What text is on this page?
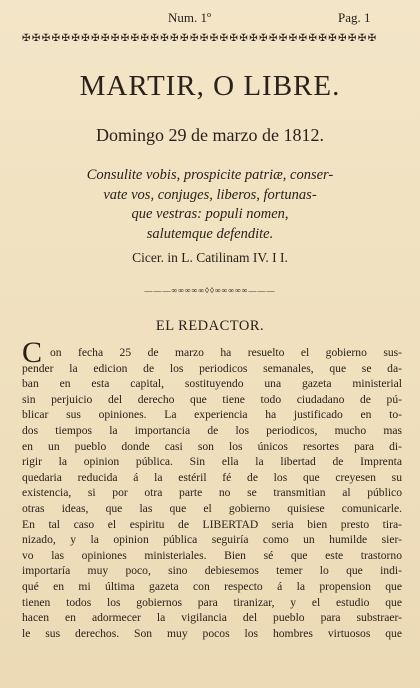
Num. 1º	Pag. 1
✠✠✠✠✠✠✠✠✠✠✠✠✠✠✠✠✠✠✠✠✠✠✠✠✠✠✠✠✠✠✠✠✠✠✠✠
MARTIR, O LIBRE.
Domingo 29 de marzo de 1812.
Consulite vobis, prospicite patriæ, conser-
vate vos, conjuges, liberos, fortunas-
que vestras: populi nomen,
salutemque defendite.
Cicer. in L. Catilinam IV. I I.
———∞∞∞∞∞◊◊∞∞∞∞∞———
EL REDACTOR.
C on fecha 25 de marzo ha resuelto el gobierno sus-
pender la edicion de los periodicos semanales, que se da-
ban en esta capital, sostituyendo una gazeta ministerial
sin perjuicio del derecho que tiene todo ciudadano de pú-
blicar sus opiniones. La experiencia ha justificado en to-
dos tiempos la importancia de los periodicos, mucho mas
en un pueblo donde casi son los únicos resortes para di-
rigir la opinion pública. Sin ella la libertad de Imprenta
quedaria reducida á la estéril fé de los que creyesen su
existencia, si por otra parte no se transmitian al público
otras ideas, que las que el gobierno quisiese comunicarle.
En tal caso el espiritu de LIBERTAD seria bien presto tira-
nizado, y la opinion pública seguiría como un humilde sier-
vo las opiniones ministeriales. Bien sé que este trastorno
importaría muy poco, sino debiesemos temer lo que indi-
qué en mi última gazeta con respecto á la propension que
tienen todos los gobiernos para tiranizar, y el estudio que
hacen en adormecer la vigilancia del pueblo para substraer-
le sus derechos. Son muy pocos los hombres virtuosos que
